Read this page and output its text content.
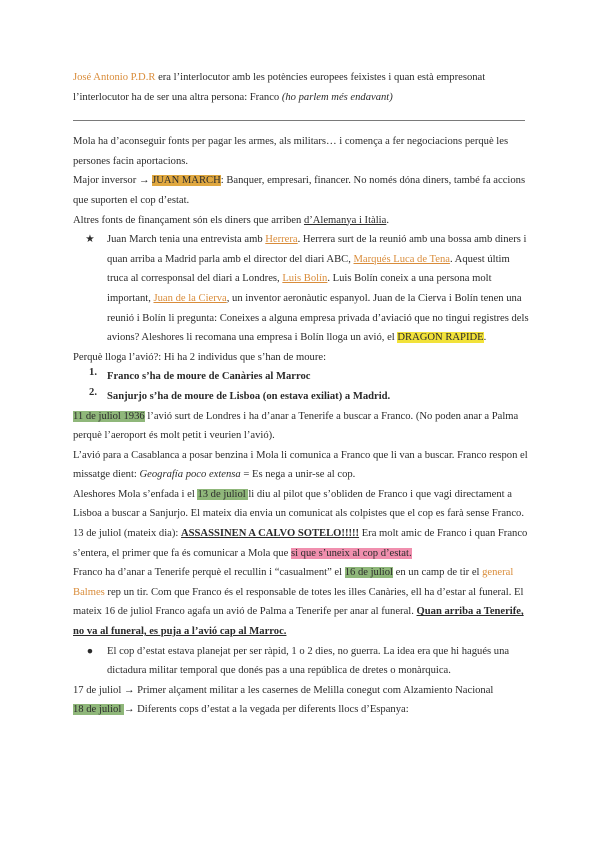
José Antonio P.D.R era l’interlocutor amb les potències europees feixistes i quan està empresonat l’interlocutor ha de ser una altra persona: Franco (ho parlem més endavant)

Mola ha d’aconseguir fonts per pagar les armes, als militars… i comença a fer negociacions perquè les persones facin aportacions.

Major inversor → JUAN MARCH: Banquer, empresari, financer. No només dóna diners, també fa accions que suporten el cop d’estat.

Altres fonts de finançament són els diners que arriben d’Alemanya i Itàlia.

★	Juan March tenia una entrevista amb Herrera. Herrera surt de la reunió amb una bossa amb diners i quan arriba a Madrid parla amb el director del diari ABC, Marqués Luca de Tena. Aquest últim truca al corresponsal del diari a Londres, Luis Bolín. Luis Bolín coneix a una persona molt important, Juan de la Cierva, un inventor aeronàutic espanyol. Juan de la Cierva i Bolín tenen una reunió i Bolín li pregunta: Coneixes a alguna empresa privada d’aviació que no tingui registres dels avions? Aleshores li recomana una empresa i Bolín lloga un avió, el DRAGON RAPIDE.

Perquè lloga l’avió?: Hi ha 2 individus que s’han de moure:

1. Franco s’ha de moure de Canàries al Marroc

2. Sanjurjo s’ha de moure de Lisboa (on estava exiliat) a Madrid.

11 de juliol 1936 l’avió surt de Londres i ha d’anar a Tenerife a buscar a Franco. (No poden anar a Palma perquè l’aeroport és molt petit i veurien l’avió).

L’avió para a Casablanca a posar benzina i Mola li comunica a Franco que li van a buscar. Franco respon el missatge dient: Geografía poco extensa = Es nega a unir-se al cop.

Aleshores Mola s’enfada i el 13 de juliol li diu al pilot que s’obliden de Franco i que vagi directament a Lisboa a buscar a Sanjurjo. El mateix dia envia un comunicat als colpistes que el cop es farà sense Franco.

13 de juliol (mateix dia): ASSASSINEN A CALVO SOTELO!!!!! Era molt amic de Franco i quan Franco s’entera, el primer que fa és comunicar a Mola que si que s’uneix al cop d’estat.

Franco ha d’anar a Tenerife perquè el recullin i “casualment” el 16 de juliol en un camp de tir el general Balmes rep un tir. Com que Franco és el responsable de totes les illes Canàries, ell ha d’estar al funeral. El mateix 16 de juliol Franco agafa un avió de Palma a Tenerife per anar al funeral. Quan arriba a Tenerife, no va al funeral, es puja a l’avió cap al Marroc.

●	El cop d’estat estava planejat per ser ràpid, 1 o 2 dies, no guerra. La idea era que hi hagués una dictadura militar temporal que donés pas a una república de dretes o monàrquica.

17 de juliol → Primer alçament militar a les casernes de Melilla conegut com Alzamiento Nacional

18 de juliol → Diferents cops d’estat a la vegada per diferents llocs d’Espanya:
